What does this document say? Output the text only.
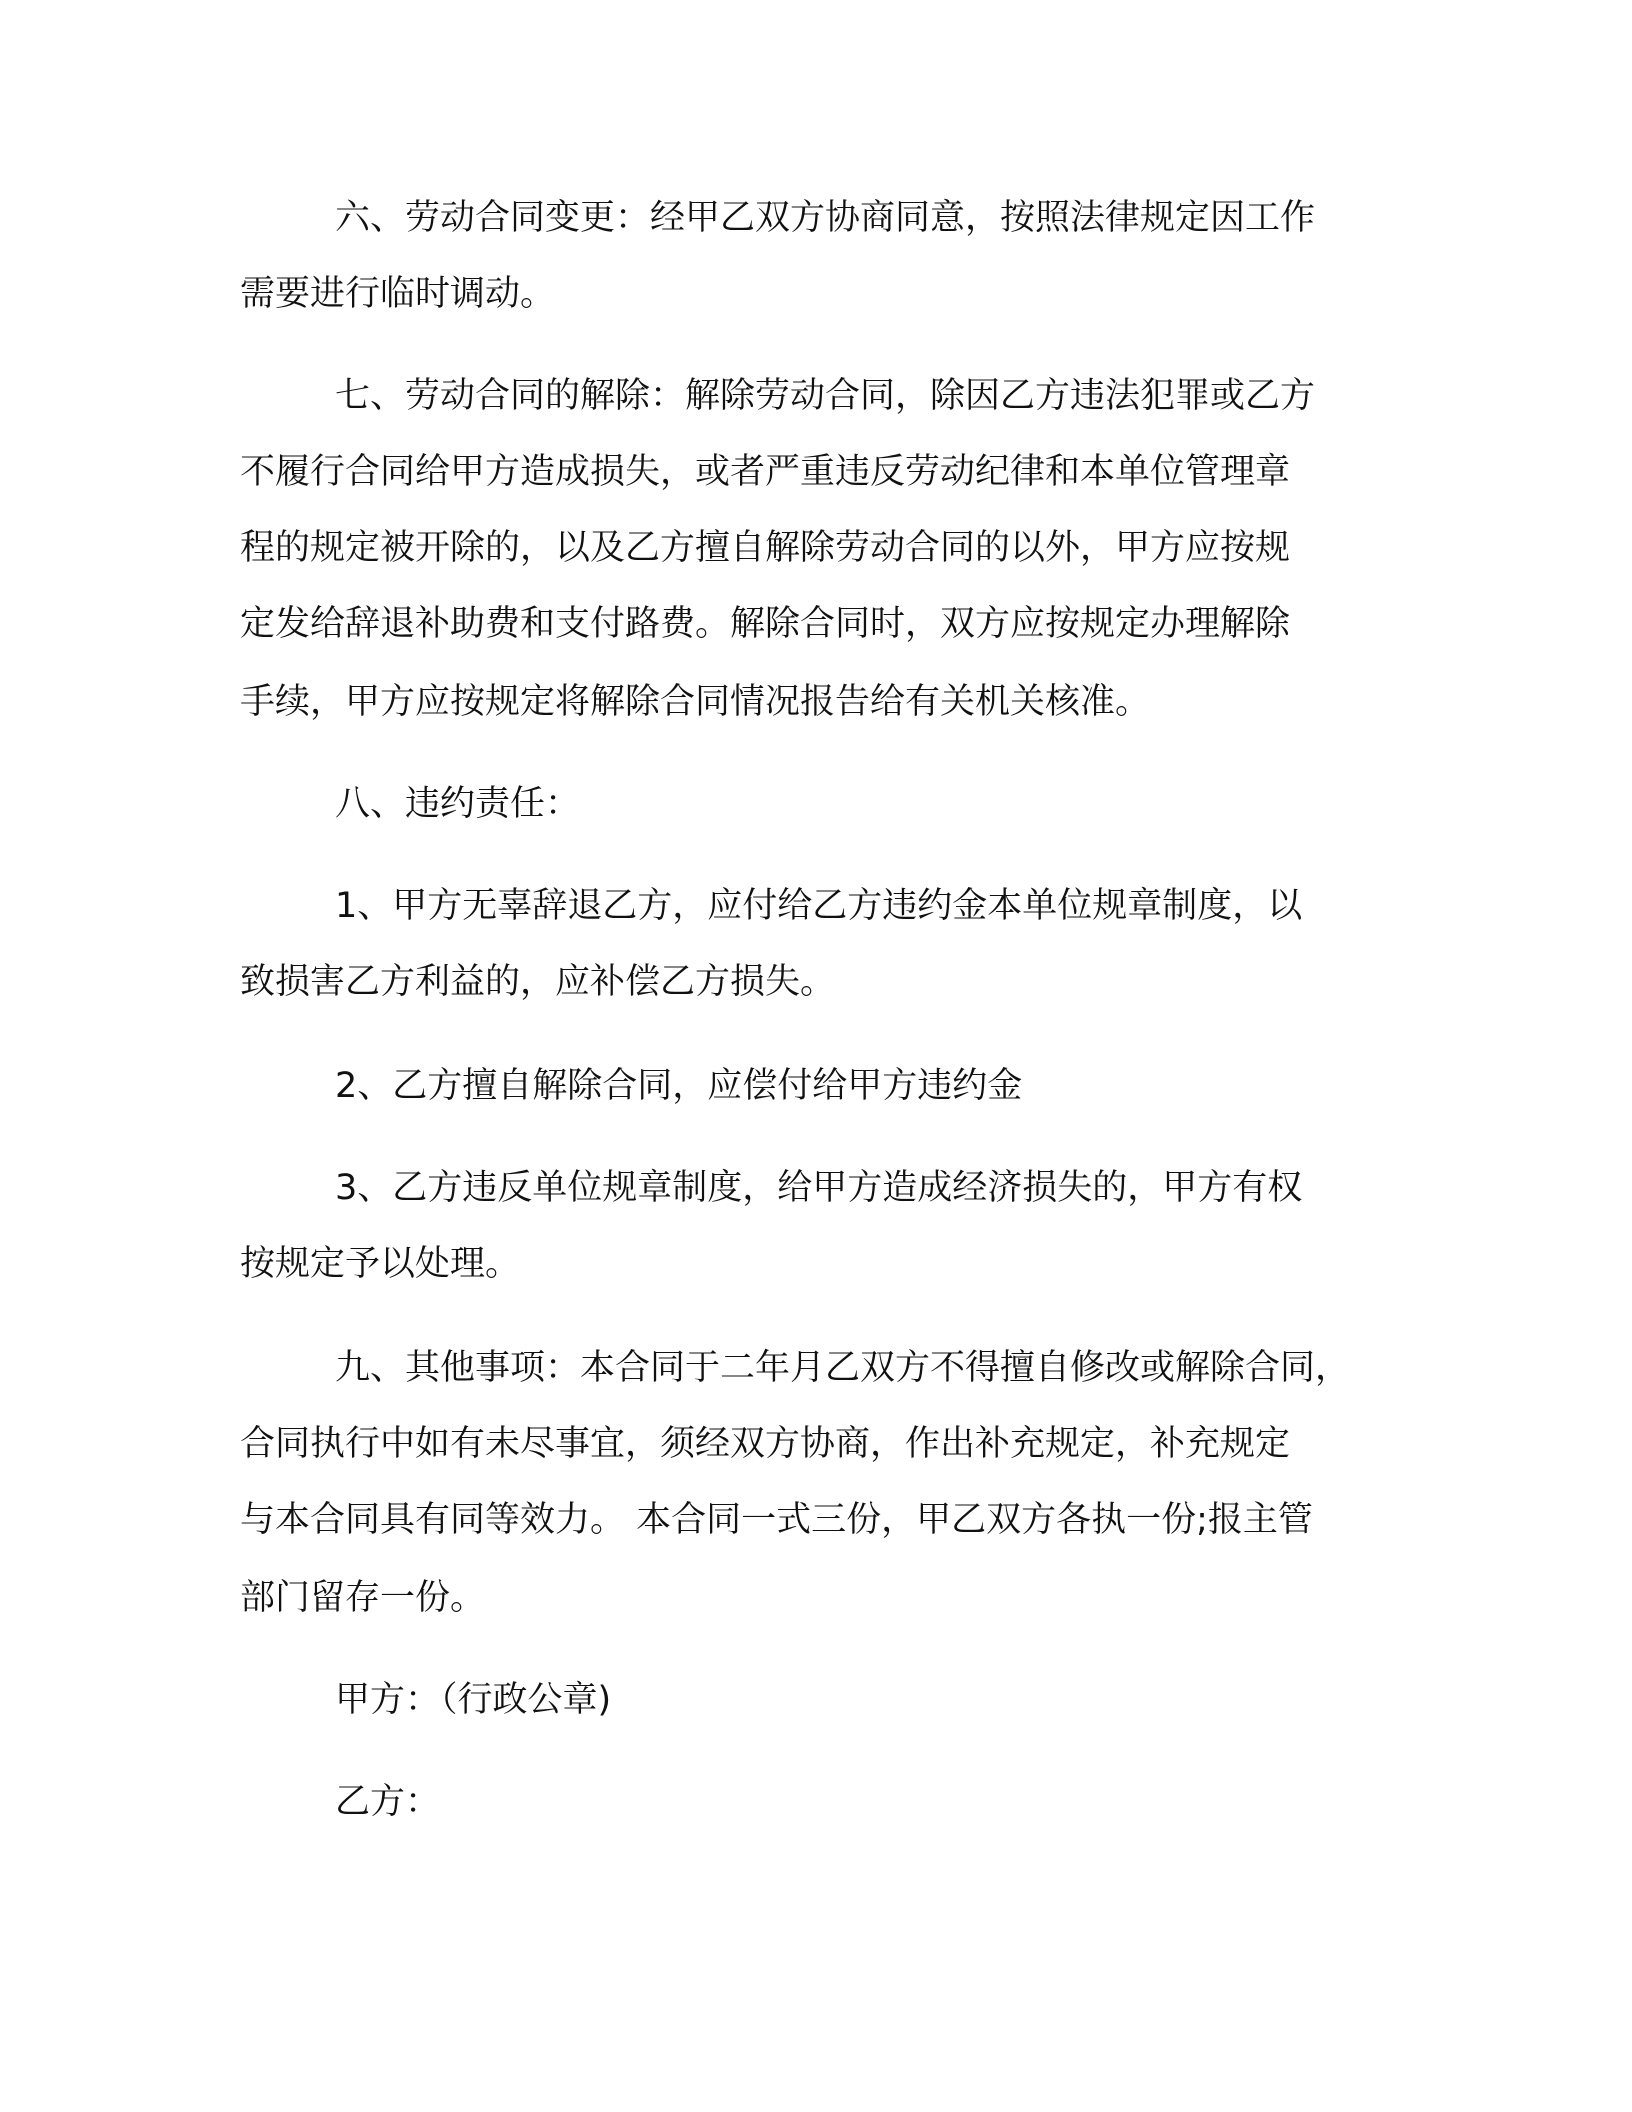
六、劳动合同变更：经甲乙双方协商同意，按照法律规定因工作
需要进行临时调动。
七、劳动合同的解除：解除劳动合同，除因乙方违法犯罪或乙方
不履行合同给甲方造成损失，或者严重违反劳动纪律和本单位管理章
程的规定被开除的，以及乙方擅自解除劳动合同的以外，甲方应按规
定发给辞退补助费和支付路费。解除合同时，双方应按规定办理解除
手续，甲方应按规定将解除合同情况报告给有关机关核准。
八、违约责任：
1、甲方无辜辞退乙方，应付给乙方违约金本单位规章制度，以
致损害乙方利益的，应补偿乙方损失。
2、乙方擅自解除合同，应偿付给甲方违约金
3、乙方违反单位规章制度，给甲方造成经济损失的，甲方有权
按规定予以处理。
九、其他事项：本合同于二年月乙双方不得擅自修改或解除合同，
合同执行中如有未尽事宜，须经双方协商，作出补充规定，补充规定
与本合同具有同等效力。 本合同一式三份，甲乙双方各执一份;报主管
部门留存一份。
甲方：（行政公章)
乙方：
